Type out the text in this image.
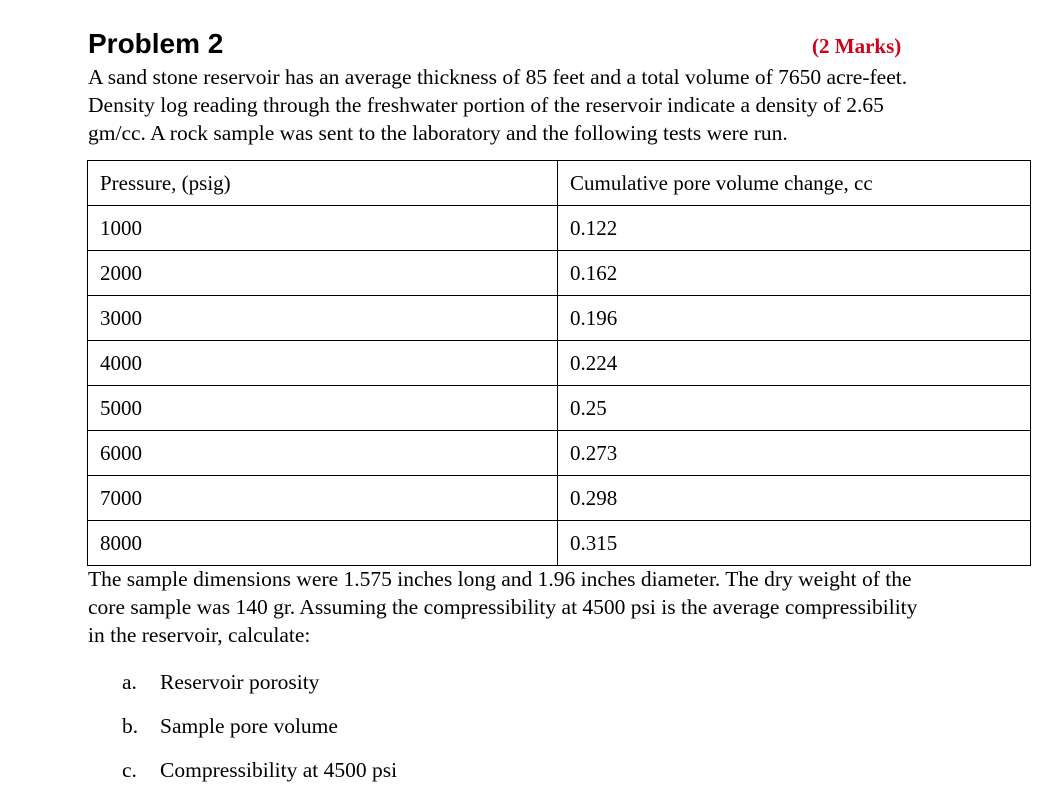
Problem 2	(2 Marks)
A sand stone reservoir has an average thickness of 85 feet and a total volume of 7650 acre-feet.
Density log reading through the freshwater portion of the reservoir indicate a density of 2.65
gm/cc. A rock sample was sent to the laboratory and the following tests were run.
Pressure, (psig)	Cumulative pore volume change, cc
1000	0.122
2000	0.162
3000	0.196
4000	0.224
5000	0.25
6000	0.273
7000	0.298
8000	0.315
The sample dimensions were 1.575 inches long and 1.96 inches diameter. The dry weight of the
core sample was 140 gr. Assuming the compressibility at 4500 psi is the average compressibility
in the reservoir, calculate:
a.	Reservoir porosity
b.	Sample pore volume
c.	Compressibility at 4500 psi
